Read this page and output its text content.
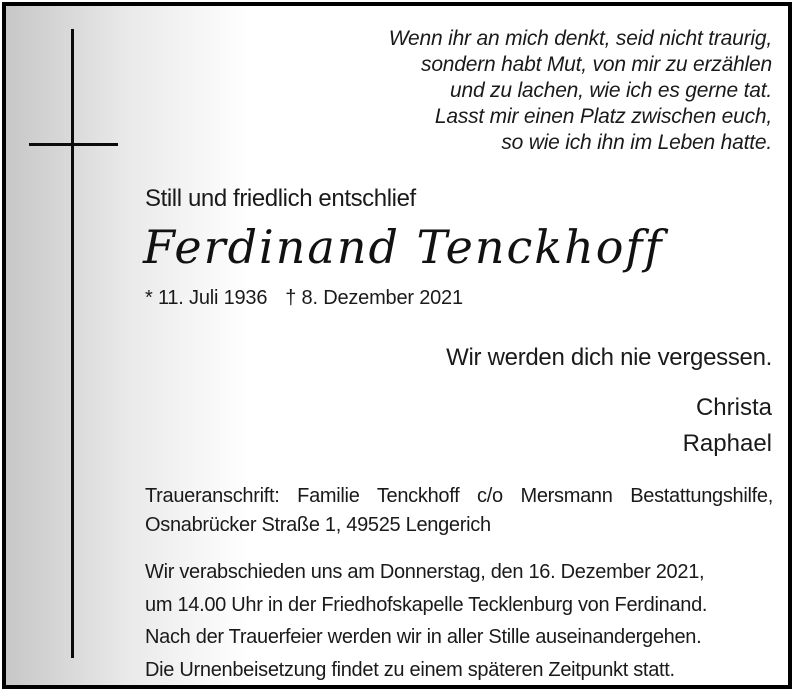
Wenn ihr an mich denkt, seid nicht traurig,
sondern habt Mut, von mir zu erzählen
und zu lachen, wie ich es gerne tat.
Lasst mir einen Platz zwischen euch,
so wie ich ihn im Leben hatte.
Still und friedlich entschlief
Ferdinand Tenckhoff
* 11. Juli 1936 † 8. Dezember 2021
Wir werden dich nie vergessen.
Christa
Raphael
Traueranschrift: Familie Tenckhoff c/o Mersmann Bestattungshilfe,
Osnabrücker Straße 1, 49525 Lengerich
Wir verabschieden uns am Donnerstag, den 16. Dezember 2021,
um 14.00 Uhr in der Friedhofskapelle Tecklenburg von Ferdinand.
Nach der Trauerfeier werden wir in aller Stille auseinandergehen.
Die Urnenbeisetzung findet zu einem späteren Zeitpunkt statt.
